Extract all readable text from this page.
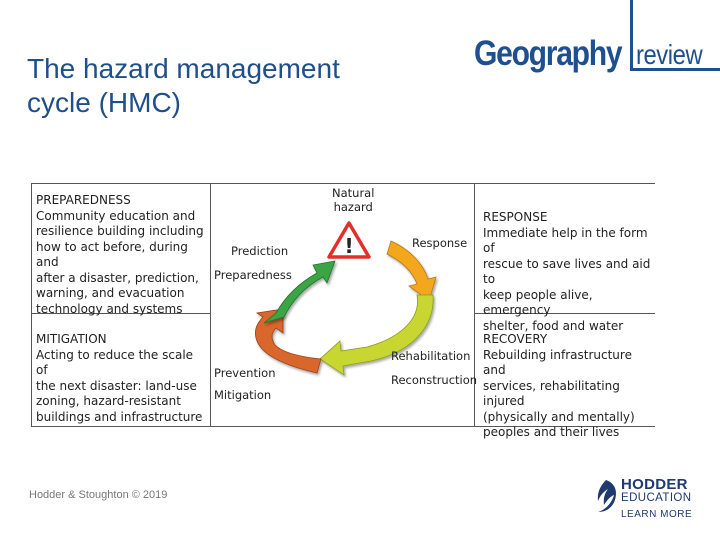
The hazard management
cycle (HMC)
Geography review
PREPAREDNESS
Community education and
resilience building including
how to act before, during and
after a disaster, prediction,
warning, and evacuation
technology and systems
RESPONSE
Immediate help in the form of
rescue to save lives and aid to
keep people alive, emergency
shelter, food and water
MITIGATION
Acting to reduce the scale of
the next disaster: land-use
zoning, hazard-resistant
buildings and infrastructure
RECOVERY
Rebuilding infrastructure and
services, rehabilitating injured
(physically and mentally)
peoples and their lives
!
Natural
hazard
Response
Prediction
Preparedness
Rehabilitation
Reconstruction
Prevention
Mitigation
Hodder & Stoughton © 2019
HODDER
EDUCATION
LEARN MORE
